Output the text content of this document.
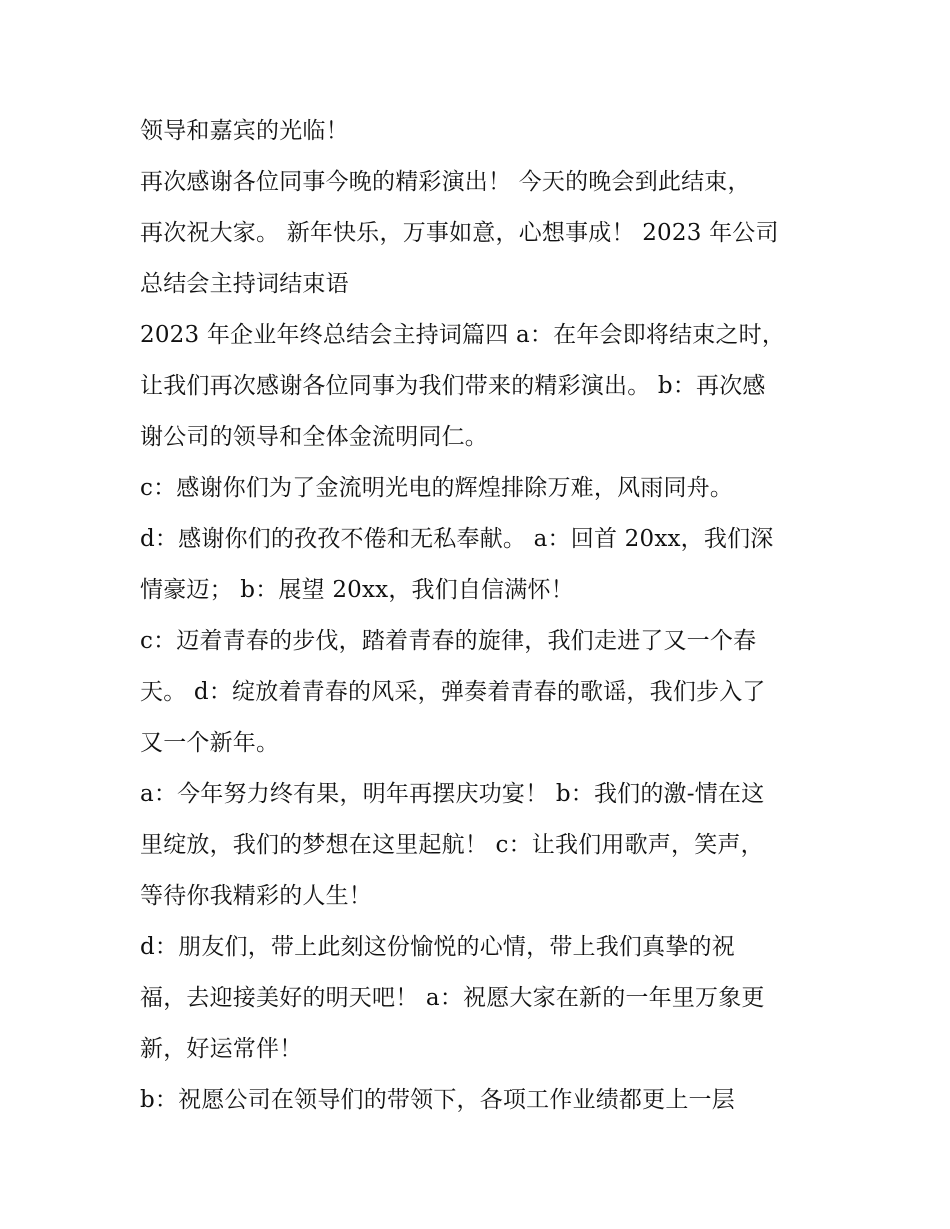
领导和嘉宾的光临！
再次感谢各位同事今晚的精彩演出！ 今天的晚会到此结束，
再次祝大家。 新年快乐，万事如意，心想事成！ 2023 年公司
总结会主持词结束语
2023 年企业年终总结会主持词篇四 a：在年会即将结束之时，
让我们再次感谢各位同事为我们带来的精彩演出。 b：再次感
谢公司的领导和全体金流明同仁。
c：感谢你们为了金流明光电的辉煌排除万难，风雨同舟。
d：感谢你们的孜孜不倦和无私奉献。 a：回首 20xx，我们深
情豪迈； b：展望 20xx，我们自信满怀！
c：迈着青春的步伐，踏着青春的旋律，我们走进了又一个春
天。 d：绽放着青春的风采，弹奏着青春的歌谣，我们步入了
又一个新年。
a：今年努力终有果，明年再摆庆功宴！ b：我们的激-情在这
里绽放，我们的梦想在这里起航！ c：让我们用歌声，笑声，
等待你我精彩的人生！
d：朋友们，带上此刻这份愉悦的心情，带上我们真挚的祝
福，去迎接美好的明天吧！ a：祝愿大家在新的一年里万象更
新，好运常伴！
b：祝愿公司在领导们的带领下，各项工作业绩都更上一层
